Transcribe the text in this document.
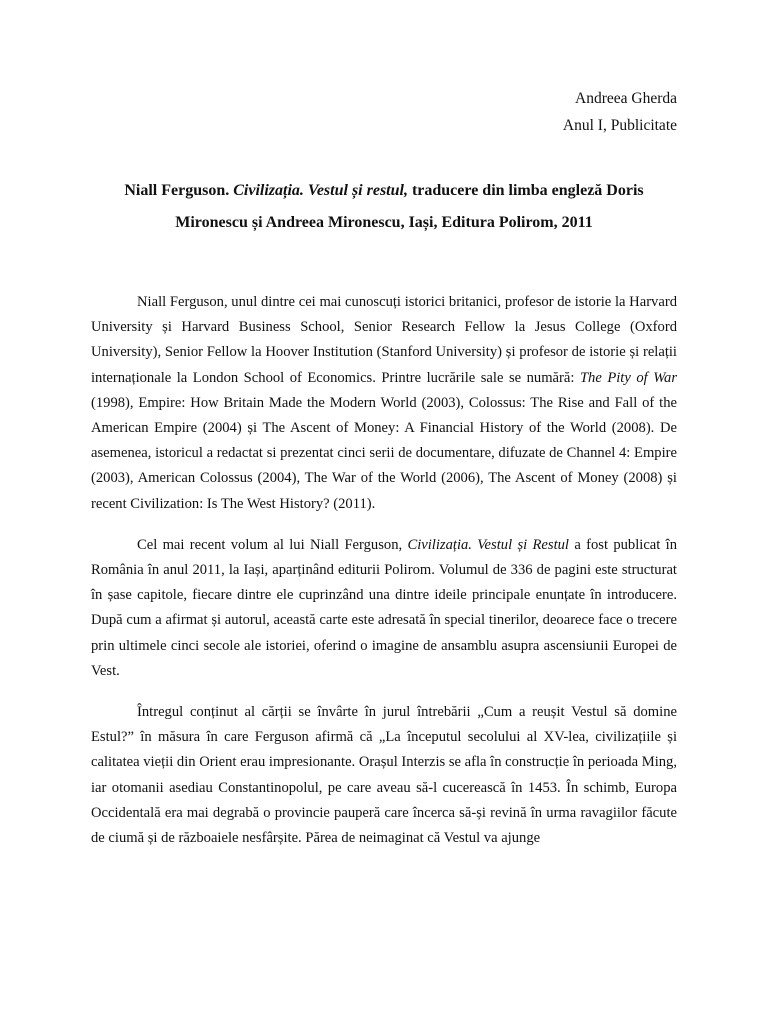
Andreea Gherda
Anul I, Publicitate
Niall Ferguson. Civilizația. Vestul și restul, traducere din limba engleză Doris Mironescu și Andreea Mironescu, Iași, Editura Polirom, 2011

Niall Ferguson, unul dintre cei mai cunoscuți istorici britanici, profesor de istorie la Harvard University și Harvard Business School, Senior Research Fellow la Jesus College (Oxford University), Senior Fellow la Hoover Institution (Stanford University) și profesor de istorie și relații internaționale la London School of Economics. Printre lucrările sale se numără: The Pity of War (1998), Empire: How Britain Made the Modern World (2003), Colossus: The Rise and Fall of the American Empire (2004) și The Ascent of Money: A Financial History of the World (2008). De asemenea, istoricul a redactat si prezentat cinci serii de documentare, difuzate de Channel 4: Empire (2003), American Colossus (2004), The War of the World (2006), The Ascent of Money (2008) și recent Civilization: Is The West History? (2011).

Cel mai recent volum al lui Niall Ferguson, Civilizația. Vestul și Restul a fost publicat în România în anul 2011, la Iași, aparținând editurii Polirom. Volumul de 336 de pagini este structurat în șase capitole, fiecare dintre ele cuprinzând una dintre ideile principale enunțate în introducere. După cum a afirmat și autorul, această carte este adresată în special tinerilor, deoarece face o trecere prin ultimele cinci secole ale istoriei, oferind o imagine de ansamblu asupra ascensiunii Europei de Vest.

Întregul conținut al cărții se învârte în jurul întrebării „Cum a reușit Vestul să domine Estul?” în măsura în care Ferguson afirmă că „La începutul secolului al XV-lea, civilizațiile și calitatea vieții din Orient erau impresionante. Orașul Interzis se afla în construcție în perioada Ming, iar otomanii asediau Constantinopolul, pe care aveau să-l cucerească în 1453. În schimb, Europa Occidentală era mai degrabă o provincie pauperă care încerca să-și revină în urma ravagiilor făcute de ciumă și de războaiele nesfârșite. Părea de neimaginat că Vestul va ajunge
